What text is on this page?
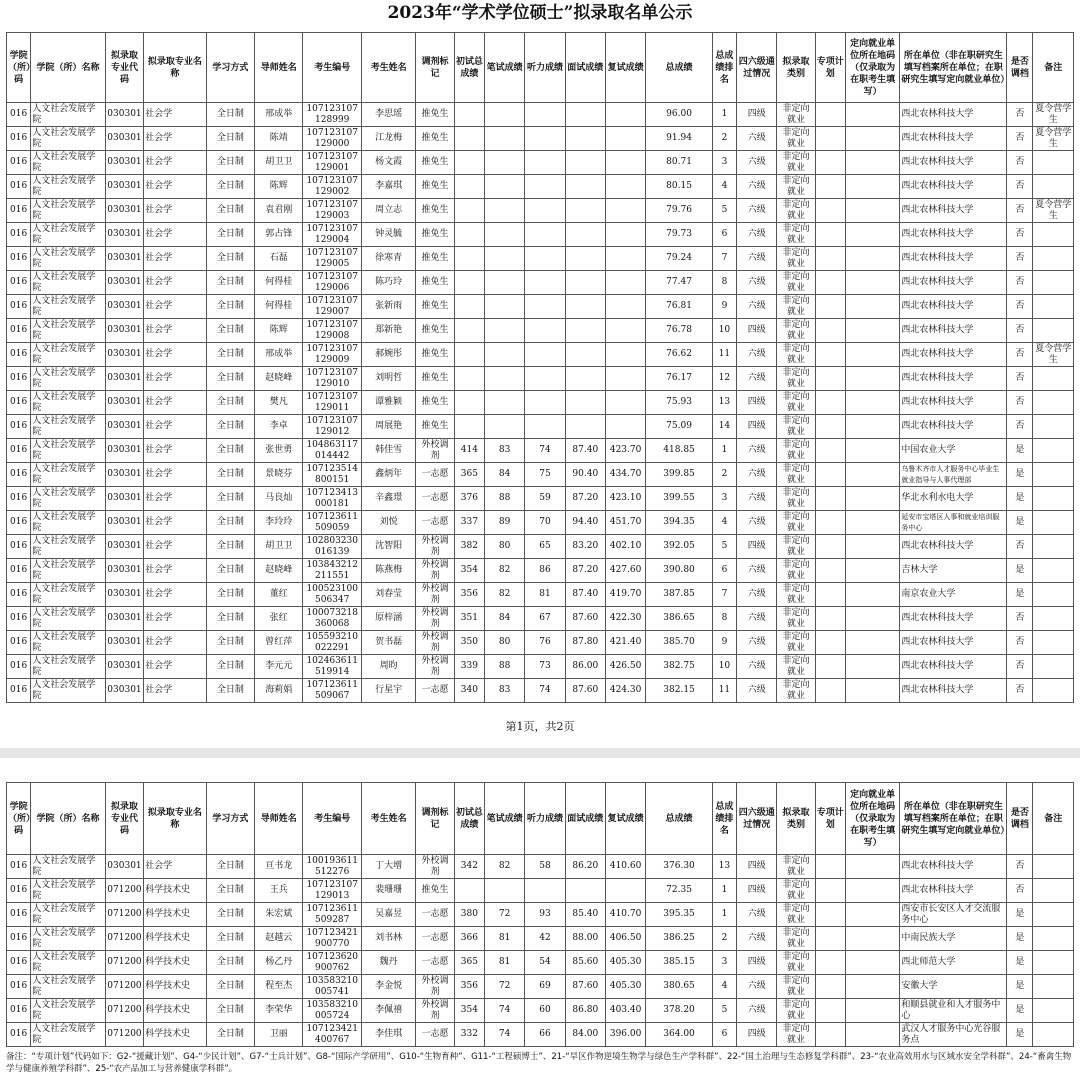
2023年“学术学位硕士”拟录取名单公示
学院（所）码	学院（所）名称	拟录取专业代码	拟录取专业名称	学习方式	导师姓名	考生编号	考生姓名	调剂标记	初试总成绩	笔试成绩	听力成绩	面试成绩	复试成绩	总成绩	总成绩排名	四六级通过情况	拟录取类别	专项计划	定向就业单位所在地码（仅录取为在职考生填写）	所在单位（非在职研究生填写档案所在单位；在职研究生填写定向就业单位）	是否调档	备注
016	人文社会发展学院	030301	社会学	全日制	邢成举	107123107128999	李思瑶	推免生						96.00	1	四级	非定向就业			西北农林科技大学	否	夏令营学生
016	人文社会发展学院	030301	社会学	全日制	陈靖	107123107129000	江龙梅	推免生						91.94	2	六级	非定向就业			西北农林科技大学	否	夏令营学生
016	人文社会发展学院	030301	社会学	全日制	胡卫卫	107123107129001	杨文霞	推免生						80.71	3	六级	非定向就业			西北农林科技大学	否	
016	人文社会发展学院	030301	社会学	全日制	陈辉	107123107129002	李嘉琪	推免生						80.15	4	六级	非定向就业			西北农林科技大学	否	
016	人文社会发展学院	030301	社会学	全日制	袁君刚	107123107129003	周立志	推免生						79.76	5	六级	非定向就业			西北农林科技大学	否	夏令营学生
016	人文社会发展学院	030301	社会学	全日制	郭占锋	107123107129004	钟灵毓	推免生						79.73	6	六级	非定向就业			西北农林科技大学	否	
016	人文社会发展学院	030301	社会学	全日制	石磊	107123107129005	徐寒青	推免生						79.24	7	六级	非定向就业			西北农林科技大学	否	
016	人文社会发展学院	030301	社会学	全日制	何得桂	107123107129006	陈巧玲	推免生						77.47	8	六级	非定向就业			西北农林科技大学	否	
016	人文社会发展学院	030301	社会学	全日制	何得桂	107123107129007	张新雨	推免生						76.81	9	六级	非定向就业			西北农林科技大学	否	
016	人文社会发展学院	030301	社会学	全日制	陈辉	107123107129008	郑新艳	推免生						76.78	10	四级	非定向就业			西北农林科技大学	否	
016	人文社会发展学院	030301	社会学	全日制	邢成举	107123107129009	郝婉彤	推免生						76.62	11	六级	非定向就业			西北农林科技大学	否	夏令营学生
016	人文社会发展学院	030301	社会学	全日制	赵晓峰	107123107129010	刘明哲	推免生						76.17	12	六级	非定向就业			西北农林科技大学	否	
016	人文社会发展学院	030301	社会学	全日制	樊凡	107123107129011	谭雅颖	推免生						75.93	13	四级	非定向就业			西北农林科技大学	否	
016	人文社会发展学院	030301	社会学	全日制	李卓	107123107129012	周展艳	推免生						75.09	14	四级	非定向就业			西北农林科技大学	否	
016	人文社会发展学院	030301	社会学	全日制	张世勇	104863117014442	韩佳雪	外校调剂	414	83	74	87.40	423.70	418.85	1	六级	非定向就业			中国农业大学	是	
016	人文社会发展学院	030301	社会学	全日制	景晓芬	107123514800151	鑫炳年	一志愿	365	84	75	90.40	434.70	399.85	2	六级	非定向就业			乌鲁木齐市人才服务中心毕业生就业指导与人事代理部	是	
016	人文社会发展学院	030301	社会学	全日制	马良灿	107123413000181	辛鑫璟	一志愿	376	88	59	87.20	423.10	399.55	3	六级	非定向就业			华北水利水电大学	是	
016	人文社会发展学院	030301	社会学	全日制	李玲玲	107123611509059	刘悦	一志愿	337	89	70	94.40	451.70	394.35	4	六级	非定向就业			延安市宝塔区人事和就业培训服务中心	是	
016	人文社会发展学院	030301	社会学	全日制	胡卫卫	102803230016139	沈智阳	外校调剂	382	80	65	83.20	402.10	392.05	5	四级	非定向就业			西北农林科技大学	否	
016	人文社会发展学院	030301	社会学	全日制	赵晓峰	103843212211551	陈燕梅	外校调剂	354	82	86	87.20	427.60	390.80	6	六级	非定向就业			吉林大学	是	
016	人文社会发展学院	030301	社会学	全日制	董红	100523100506347	刘春莹	外校调剂	356	82	81	87.40	419.70	387.85	7	六级	非定向就业			南京农业大学	是	
016	人文社会发展学院	030301	社会学	全日制	张红	100073218360068	原梓涵	外校调剂	351	84	67	87.60	422.30	386.65	8	六级	非定向就业			西北农林科技大学	否	
016	人文社会发展学院	030301	社会学	全日制	曾红萍	105593210022291	贺书磊	外校调剂	350	80	76	87.80	421.40	385.70	9	六级	非定向就业			西北农林科技大学	否	
016	人文社会发展学院	030301	社会学	全日制	李元元	102463611519914	周昀	外校调剂	339	88	73	86.00	426.50	382.75	10	六级	非定向就业			西北农林科技大学	否	
016	人文社会发展学院	030301	社会学	全日制	海莉娟	107123611509067	行星宇	一志愿	340	83	74	87.60	424.30	382.15	11	六级	非定向就业			西北农林科技大学	否	
第1页，共2页
学院（所）码	学院（所）名称	拟录取专业代码	拟录取专业名称	学习方式	导师姓名	考生编号	考生姓名	调剂标记	初试总成绩	笔试成绩	听力成绩	面试成绩	复试成绩	总成绩	总成绩排名	四六级通过情况	拟录取类别	专项计划	定向就业单位所在地码（仅录取为在职考生填写）	所在单位（非在职研究生填写档案所在单位；在职研究生填写定向就业单位）	是否调档	备注
016	人文社会发展学院	030301	社会学	全日制	亘书龙	100193611512276	丁大增	外校调剂	342	82	58	86.20	410.60	376.30	13	四级	非定向就业			西北农林科技大学	否	
016	人文社会发展学院	071200	科学技术史	全日制	王兵	107123107129013	裴珊珊	推免生						72.35	1	四级	非定向就业			西北农林科技大学	否	
016	人文社会发展学院	071200	科学技术史	全日制	朱宏斌	107123611509287	吴嘉昱	一志愿	380	72	93	85.40	410.70	395.35	1	六级	非定向就业			西安市长安区人才交流服务中心	是	
016	人文社会发展学院	071200	科学技术史	全日制	赵越云	107123421900770	刘书林	一志愿	366	81	42	88.00	406.50	386.25	2	六级	非定向就业			中南民族大学	是	
016	人文社会发展学院	071200	科学技术史	全日制	杨乙丹	107123620900762	魏丹	一志愿	365	81	54	85.60	405.30	385.15	3	四级	非定向就业			西北师范大学	是	
016	人文社会发展学院	071200	科学技术史	全日制	程至杰	103583210005741	李金悦	外校调剂	356	72	69	87.60	405.30	380.65	4	六级	非定向就业			安徽大学	是	
016	人文社会发展学院	071200	科学技术史	全日制	李荣华	103583210005724	李佩禧	外校调剂	354	74	60	86.80	403.40	378.20	5	六级	非定向就业			和顺县就业和人才服务中心	是	
016	人文社会发展学院	071200	科学技术史	全日制	卫丽	107123421400767	李佳琪	一志愿	332	74	66	84.00	396.00	364.00	6	四级	非定向就业			武汉人才服务中心光谷服务点	是	
备注：“专项计划”代码如下：G2-“援藏计划”、G4-“少民计划”、G7-“士兵计划”、G8-“国际产学研用”、G10-“生物育种”、G11-“工程硕博士”、21-“旱区作物逆境生物学与绿色生产学科群”、22-“国土治理与生态修复学科群”、23-“农业高效用水与区域水安全学科群”、24-“畜禽生物学与健康养殖学科群”、25-“农产品加工与营养健康学科群”。
